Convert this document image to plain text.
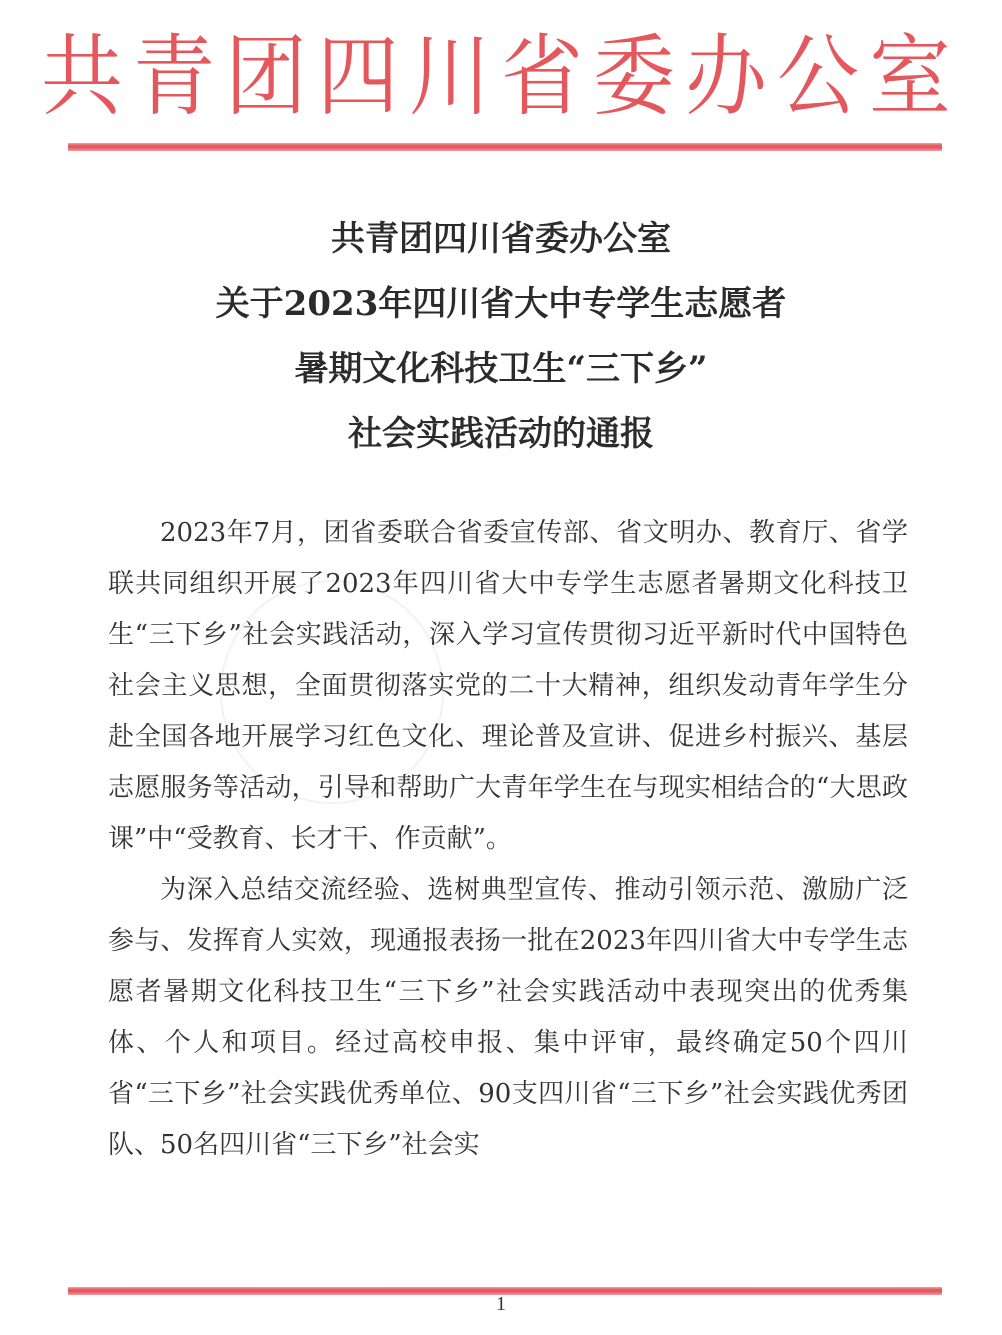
共青团四川省委办公室
共青团四川省委办公室
关于2023年四川省大中专学生志愿者
暑期文化科技卫生“三下乡”
社会实践活动的通报

2023年7月，团省委联合省委宣传部、省文明办、教育厅、省学联共同组织开展了2023年四川省大中专学生志愿者暑期文化科技卫生“三下乡”社会实践活动，深入学习宣传贯彻习近平新时代中国特色社会主义思想，全面贯彻落实党的二十大精神，组织发动青年学生分赴全国各地开展学习红色文化、理论普及宣讲、促进乡村振兴、基层志愿服务等活动，引导和帮助广大青年学生在与现实相结合的“大思政课”中“受教育、长才干、作贡献”。

为深入总结交流经验、选树典型宣传、推动引领示范、激励广泛参与、发挥育人实效，现通报表扬一批在2023年四川省大中专学生志愿者暑期文化科技卫生“三下乡”社会实践活动中表现突出的优秀集体、个人和项目。经过高校申报、集中评审，最终确定50个四川省“三下乡”社会实践优秀单位、90支四川省“三下乡”社会实践优秀团队、50名四川省“三下乡”社会实

1
